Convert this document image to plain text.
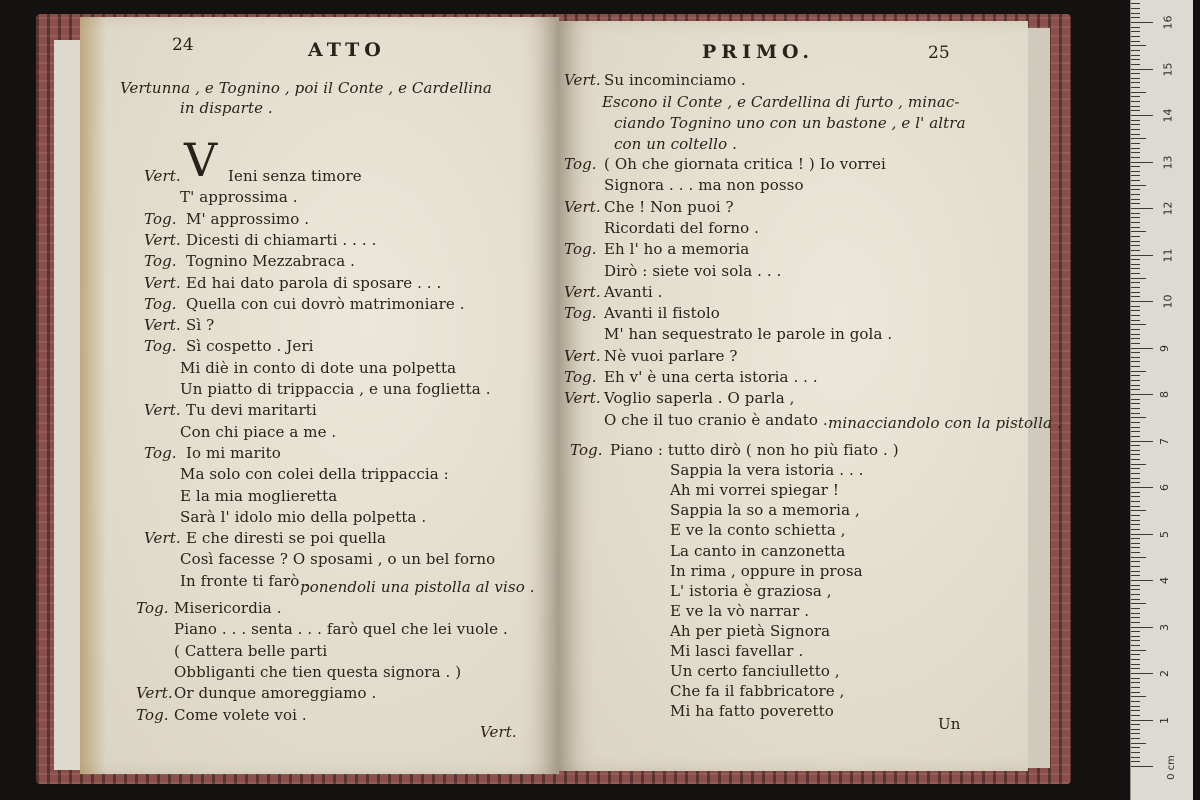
24	ATTO
Vertunna , e Tognino , poi il Conte , e Cardellina
in disparte .
V
Vert.	Ieni senza timore
T' approssima .
Tog. M' approssimo .
Vert. Dicesti di chiamarti . . . .
Tog. Tognino Mezzabraca .
Vert. Ed hai dato parola di sposare . . .
Tog. Quella con cui dovrò matrimoniare .
Vert. Sì ?
Tog. Sì cospetto . Jeri
Mi diè in conto di dote una polpetta
Un piatto di trippaccia , e una foglietta .
Vert. Tu devi maritarti
Con chi piace a me .
Tog. Io mi marito
Ma solo con colei della trippaccia :
E la mia moglieretta
Sarà l' idolo mio della polpetta .
Vert. E che diresti se poi quella
Così facesse ? O sposami , o un bel forno
In fronte ti farò .
ponendoli una pistolla al viso .
Tog. Misericordia .
Piano . . . senta . . . farò quel che lei vuole .
( Cattera belle parti
Obbliganti che tien questa signora . )
Vert. Or dunque amoreggiamo .
Tog. Come volete voi .
Vert.
PRIMO.	25
Vert. Su incominciamo .
Escono il Conte , e Cardellina di furto , minac-
ciando Tognino uno con un bastone , e l' altra
con un coltello .
Tog. ( Oh che giornata critica ! ) Io vorrei
Signora . . . ma non posso
Vert. Che ! Non puoi ?
Ricordati del forno .
Tog. Eh l' ho a memoria
Dirò : siete voi sola . . .
Vert. Avanti .
Tog. Avanti il fistolo
M' han sequestrato le parole in gola .
Vert. Nè vuoi parlare ?
Tog. Eh v' è una certa istoria . . .
Vert. Voglio saperla . O parla ,
O che il tuo cranio è andato . minacciandolo con la pistolla .
Tog. Piano : tutto dirò ( non ho più fiato . )
Sappia la vera istoria . . .
Ah mi vorrei spiegar !
Sappia la so a memoria ,
E ve la conto schietta ,
La canto in canzonetta
In rima , oppure in prosa
L' istoria è graziosa ,
E ve la vò narrar .
Ah per pietà Signora
Mi lasci favellar .
Un certo fanciulletto ,
Che fa il fabbricatore ,
Mi ha fatto poveretto
Un
0 cm
16
15
14
13
12
11
10
9
8
7
6
5
4
3
2
1
